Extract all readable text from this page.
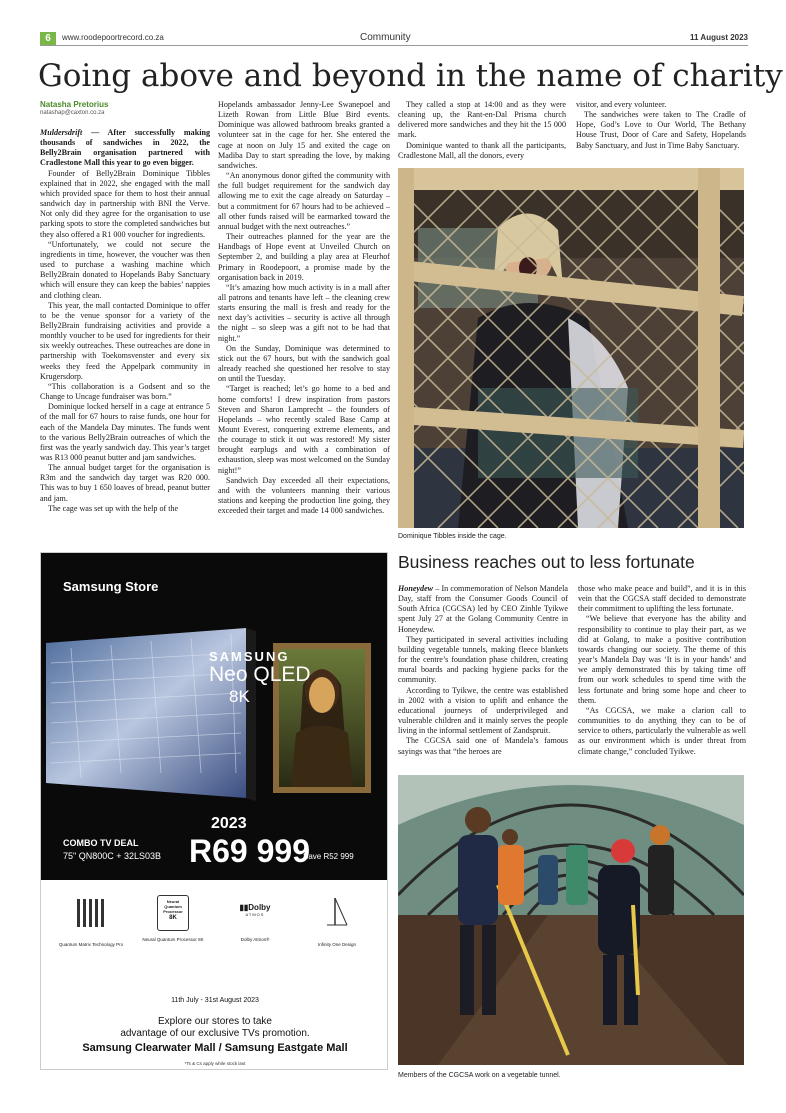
6	www.roodepoortrecord.co.za	Community	11 August 2023
Going above and beyond in the name of charity
Natasha Pretorius
natashap@caxton.co.za

Muldersdrift — After successfully making thousands of sandwiches in 2022, the Belly2Brain organisation partnered with Cradlestone Mall this year to go even bigger.

Founder of Belly2Brain Dominique Tibbles explained that in 2022, she engaged with the mall which provided space for them to host their annual sandwich day in partnership with BNI the Verve. Not only did they agree for the organisation to use parking spots to store the completed sandwiches but they also offered a R1 000 voucher for ingredients.

“Unfortunately, we could not secure the ingredients in time, however, the voucher was then used to purchase a washing machine which Belly2Brain donated to Hopelands Baby Sanctuary which will ensure they can keep the babies’ nappies and clothing clean.

This year, the mall contacted Dominique to offer to be the venue sponsor for a variety of the Belly2Brain fundraising activities and provide a monthly voucher to be used for ingredients for their six weekly outreaches. These outreaches are done in partnership with Toekomsvenster and every six weeks they feed the Appelpark community in Krugersdorp.

“This collaboration is a Godsent and so the Change to Uncage fundraiser was born.”

Dominique locked herself in a cage at entrance 5 of the mall for 67 hours to raise funds, one hour for each of the Mandela Day minutes. The funds went to the various Belly2Brain outreaches of which the first was the yearly sandwich day. This year’s target was R13 000 peanut butter and jam sandwiches.

The annual budget target for the organisation is R3m and the sandwich day target was R20 000. This was to buy 1 650 loaves of bread, peanut butter and jam.

The cage was set up with the help of the

Hopelands ambassador Jenny-Lee Swanepoel and Lizeth Rowan from Little Blue Bird events. Dominique was allowed bathroom breaks granted a volunteer sat in the cage for her. She entered the cage at noon on July 15 and exited the cage on Madiba Day to start spreading the love, by making sandwiches.

“An anonymous donor gifted the community with the full budget requirement for the sandwich day allowing me to exit the cage already on Saturday – but a commitment for 67 hours had to be achieved – all other funds raised will be earmarked toward the annual budget with the next outreaches.”

Their outreaches planned for the year are the Handbags of Hope event at Unveiled Church on September 2, and building a play area at Fleurhof Primary in Roodepoort, a promise made by the organisation back in 2019.

“It’s amazing how much activity is in a mall after all patrons and tenants have left – the cleaning crew starts ensuring the mall is fresh and ready for the next day’s activities – security is active all through the night – so sleep was a gift not to be had that night.”

On the Sunday, Dominique was determined to stick out the 67 hours, but with the sandwich goal already reached she questioned her resolve to stay on until the Tuesday.

“Target is reached; let’s go home to a bed and home comforts! I drew inspiration from pastors Steven and Sharon Lamprecht – the founders of Hopelands – who recently scaled Base Camp at Mount Everest, conquering extreme elements, and the courage to stick it out was restored! My sister brought earplugs and with a combination of exhaustion, sleep was most welcomed on the Sunday night!”

Sandwich Day exceeded all their expectations, and with the volunteers manning their various stations and keeping the production line going, they exceeded their target and made 14 000 sandwiches.

They called a stop at 14:00 and as they were cleaning up, the Rant-en-Dal Prisma church delivered more sandwiches and they hit the 15 000 mark.

Dominique wanted to thank all the participants, Cradlestone Mall, all the donors, every

visitor, and every volunteer.

The sandwiches were taken to The Cradle of Hope, God’s Love to Our World, The Bethany House Trust, Door of Care and Safety, Hopelands Baby Sanctuary, and Just in Time Baby Sanctuary.

Dominique Tibbles inside the cage.
Business reaches out to less fortunate

Honeydew – In commemoration of Nelson Mandela Day, staff from the Consumer Goods Council of South Africa (CGCSA) led by CEO Zinhle Tyikwe spent July 27 at the Golang Community Centre in Honeydew.

They participated in several activities including building vegetable tunnels, making fleece blankets for the centre’s foundation phase children, creating mural boards and packing hygiene packs for the community.

According to Tyikwe, the centre was established in 2002 with a vision to uplift and enhance the educational journeys of underprivileged and vulnerable children and it mainly serves the people living in the informal settlement of Zandspruit.

The CGCSA said one of Mandela’s famous sayings was that “the heroes are

those who make peace and build”, and it is in this vein that the CGCSA staff decided to demonstrate their commitment to uplifting the less fortunate.

“We believe that everyone has the ability and responsibility to continue to play their part, as we did at Golang, to make a positive contribution towards changing our society. The theme of this year’s Mandela Day was ‘It is in your hands’ and we amply demonstrated this by taking time off from our work schedules to spend time with the less fortunate and bring some hope and cheer to them.

“As CGCSA, we make a clarion call to communities to do anything they can to be of service to others, particularly the vulnerable as well as our environment which is under threat from climate change,” concluded Tyikwe.

Members of the CGCSA work on a vegetable tunnel.
Samsung Store
SAMSUNG
Neo QLED
8K
2023
COMBO TV DEAL
75" QN800C + 32LS03B R69 999
Save R52 999
Quantum Matrix Technology Pro
Neural
Quantum
Processor
8K
Neural Quantum Processor 8K
▮▮Dolby
ATMOS
Dolby Atmos®
Infinity One Design
11th July - 31st August 2023
Explore our stores to take
advantage of our exclusive TVs promotion.
Samsung Clearwater Mall / Samsung Eastgate Mall
*Ts & Cs apply while stock last
